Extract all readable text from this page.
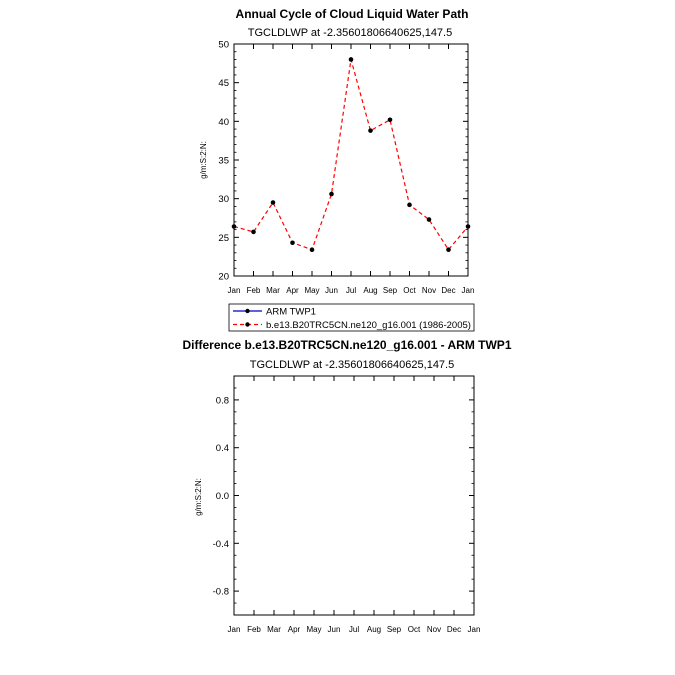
Annual Cycle of Cloud Liquid Water Path
TGCLDLWP at -2.35601806640625,147.5
g/m:S:2:N:
20
25
30
35
40
45
50
Jan Feb Mar Apr May Jun Jul Aug Sep Oct Nov Dec Jan
ARM TWP1
b.e13.B20TRC5CN.ne120_g16.001 (1986-2005)
Difference b.e13.B20TRC5CN.ne120_g16.001 - ARM TWP1
TGCLDLWP at -2.35601806640625,147.5
g/m:S:2:N:
0.8
0.4
0.0
-0.4
-0.8
Jan Feb Mar Apr May Jun Jul Aug Sep Oct Nov Dec Jan
